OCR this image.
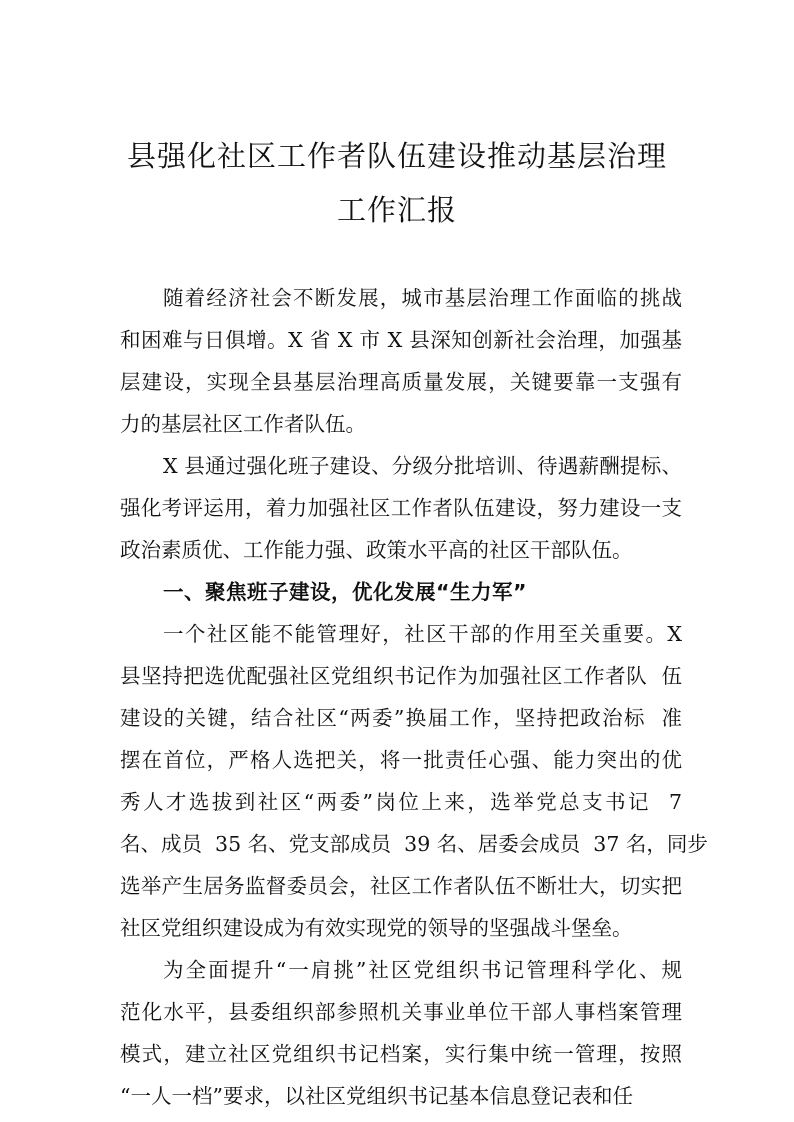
县强化社区工作者队伍建设推动基层治理
工作汇报
随着经济社会不断发展，城市基层治理工作面临的挑战
和困难与日俱增。X 省 X 市 X 县深知创新社会治理，加强基
层建设，实现全县基层治理高质量发展，关键要靠一支强有
力的基层社区工作者队伍。
X 县通过强化班子建设、分级分批培训、待遇薪酬提标、
强化考评运用，着力加强社区工作者队伍建设，努力建设一支
政治素质优、工作能力强、政策水平高的社区干部队伍。
一、聚焦班子建设，优化发展“生力军”
一个社区能不能管理好，社区干部的作用至关重要。X
县坚持把选优配强社区党组织书记作为加强社区工作者队  伍
建设的关键，结合社区“两委”换届工作，坚持把政治标  准
摆在首位，严格人选把关，将一批责任心强、能力突出的优
秀人才选拔到社区“两委”岗位上来，选举党总支书记  7
名、成员  35 名、党支部成员  39 名、居委会成员  37 名，同步
选举产生居务监督委员会，社区工作者队伍不断壮大，切实把
社区党组织建设成为有效实现党的领导的坚强战斗堡垒。
为全面提升“一肩挑”社区党组织书记管理科学化、规
范化水平，县委组织部参照机关事业单位干部人事档案管理
模式，建立社区党组织书记档案，实行集中统一管理，按照
“一人一档”要求，以社区党组织书记基本信息登记表和任
